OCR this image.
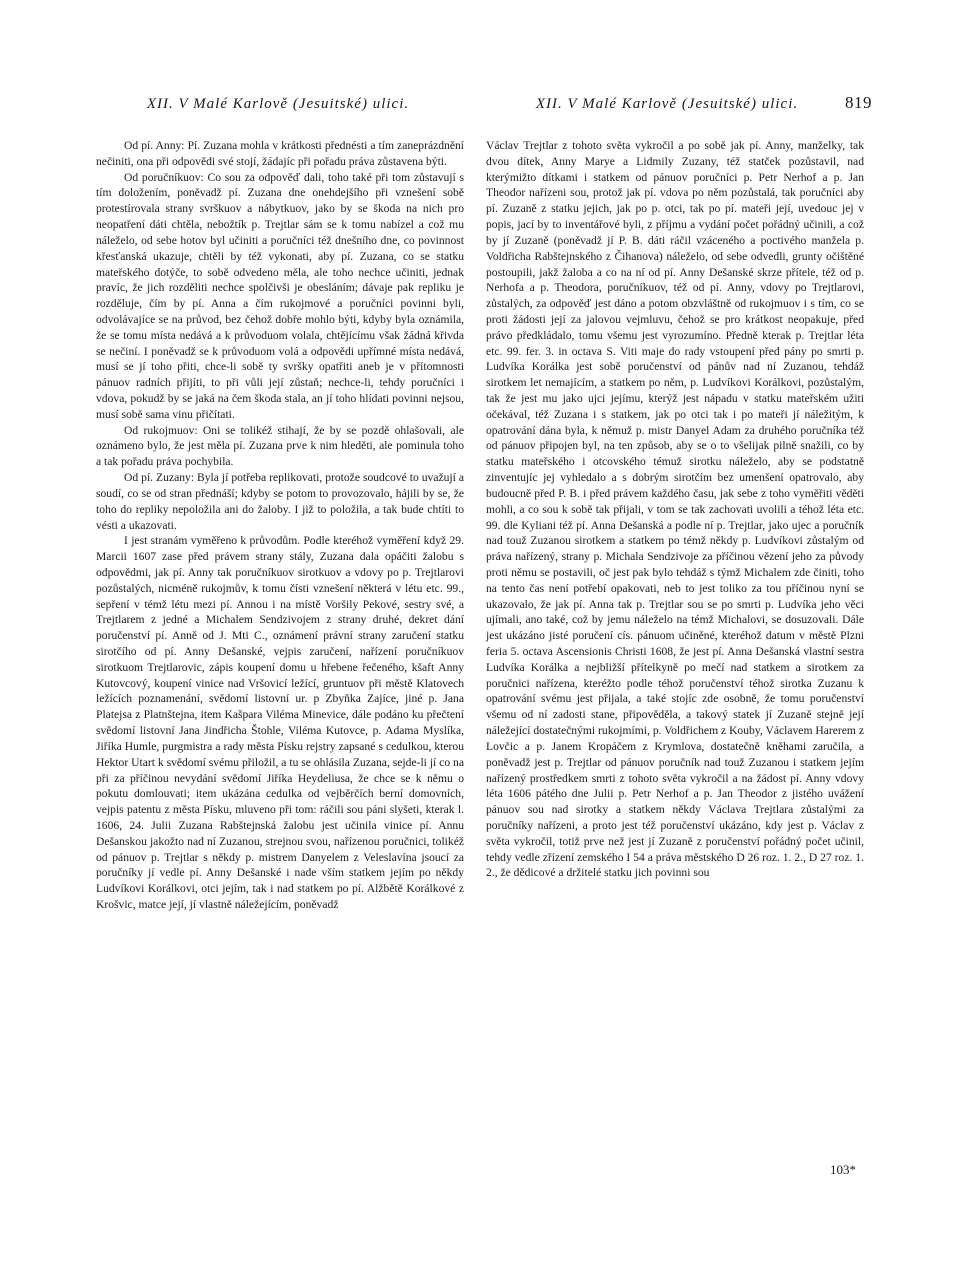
XII. V Malé Karlově (Jesuitské) ulici.	XII. V Malé Karlově (Jesuitské) ulici.	819

Od pí. Anny: Pí. Zuzana mohla v krátkosti přednésti a tím zaneprázdnění nečiniti, ona při odpovědi své stojí, žádajíc při pořadu práva zůstavena býti.

Od poručníkuov: Co sou za odpověď dali, toho také při tom zůstavují s tím doložením, poněvadž pí. Zuzana dne onehdejšího při vznešení sobě protestírovala strany svrškuov a nábytkuov, jako by se škoda na nich pro neopatření dáti chtěla, nebožtík p. Trejtlar sám se k tomu nabízel a což mu náleželo, od sebe hotov byl učiniti a poručníci též dnešního dne, co povinnost křesťanská ukazuje, chtěli by též vykonati, aby pí. Zuzana, co se statku mateřského dotýče, to sobě odvedeno měla, ale toho nechce učiniti, jednak pravíc, že jich rozděliti nechce spolčivši je obesláním; dávaje pak repliku je rozděluje, čím by pí. Anna a čím rukojmové a poručníci povinni byli, odvolávajíce se na průvod, bez čehož dobře mohlo býti, kdyby byla oznámila, že se tomu místa nedává a k průvoduom volala, chtějícímu však žádná křivda se nečiní. I poněvadž se k průvoduom volá a odpovědi upřímné místa nedává, musí se jí toho přiti, chce-li sobě ty svršky opatřiti aneb je v přítomnosti pánuov radních přijíti, to při vůli její zůstaň; nechce-li, tehdy poručníci i vdova, pokudž by se jaká na čem škoda stala, an jí toho hlídati povinni nejsou, musí sobě sama vinu přičítati.

Od rukojmuov: Oni se tolikéž stihají, že by se pozdě ohlašovali, ale oznámeno bylo, že jest měla pí. Zuzana prve k nim hleděti, ale pominula toho a tak pořadu práva pochybila.

Od pí. Zuzany: Byla jí potřeba replikovati, protože soudcové to uvažují a soudí, co se od stran přednáší; kdyby se potom to provozovalo, hájili by se, že toho do repliky nepoložila ani do žaloby. I již to položila, a tak bude chtíti to vésti a ukazovati.

I jest stranám vyměřeno k průvodům. Podle kteréhož vyměření když 29. Marcii 1607 zase před právem strany stály, Zuzana dala opáčiti žalobu s odpovědmi, jak pí. Anny tak poručníkuov sirotkuov a vdovy po p. Trejtlarovi pozůstalých, nicméně rukojmův, k tomu čísti vznešení některá v létu etc. 99., sepření v témž létu mezi pí. Annou i na místě Voršily Pekové, sestry své, a Trejtlarem z jedné a Michalem Sendzivojem z strany druhé, dekret dání poručenství pí. Anně od J. Mti C., oznámení právní strany zaručení statku sirotčího od pí. Anny Dešanské, vejpis zaručení, nařízení poručníkuov sirotkuom Trejtlarovic, zápis koupení domu u hřebene řečeného, kšaft Anny Kutovcový, koupení vinice nad Vršovicí ležící, gruntuov při městě Klatovech ležících poznamenání, svědomí listovní ur. p Zbyňka Zajíce, jiné p. Jana Platejsa z Platnštejna, item Kašpara Viléma Minevice, dále podáno ku přečtení svědomí listovní Jana Jindřicha Štohle, Viléma Kutovce, p. Adama Myslíka, Jiříka Humle, purgmistra a rady města Písku rejstry zapsané s cedulkou, kterou Hektor Utart k svědomí svému přiložil, a tu se ohlásila Zuzana, sejde-li jí co na při za příčinou nevydání svědomí Jiříka Heydeliusa, že chce se k němu o pokutu domlouvati; item ukázána cedulka od vejběrčích berní domovních, vejpis patentu z města Písku, mluveno při tom: ráčili sou páni slyšeti, kterak l. 1606, 24. Julii Zuzana Rabštejnská žalobu jest učinila vinice pí. Annu Dešanskou jakožto nad ní Zuzanou, strejnou svou, nařízenou poručnici, tolikéž od pánuov p. Trejtlar s někdy p. mistrem Danyelem z Veleslavína jsoucí za poručníky jí vedle pí. Anny Dešanské i nade vším statkem jejím po někdy Ludvíkovi Korálkovi, otci jejím, tak i nad statkem po pí. Alžbětě Korálkové z Krošvic, matce její, jí vlastně náležejícím, poněvadž

Václav Trejtlar z tohoto světa vykročil a po sobě jak pí. Anny, manželky, tak dvou dítek, Anny Marye a Lidmily Zuzany, též statček pozůstavil, nad kterýmižto dítkami i statkem od pánuov poručníci p. Petr Nerhof a p. Jan Theodor nařízeni sou, protož jak pí. vdova po něm pozůstalá, tak poručníci aby pí. Zuzaně z statku jejich, jak po p. otci, tak po pí. mateři její, uvedouc jej v popis, jací by to inventářové byli, z příjmu a vydání počet pořádný učinili, a což by jí Zuzaně (poněvadž jí P. B. dáti ráčil vzáceného a poctivého manžela p. Voldřicha Rabštejnského z Čihanova) náleželo, od sebe odvedli, grunty očištěné postoupili, jakž žaloba a co na ní od pí. Anny Dešanské skrze přítele, též od p. Nerhofa a p. Theodora, poručníkuov, též od pí. Anny, vdovy po Trejtlarovi, zůstalých, za odpověď jest dáno a potom obzvláštně od rukojmuov i s tím, co se proti žádosti její za jalovou vejmluvu, čehož se pro krátkost neopakuje, před právo předkládalo, tomu všemu jest vyrozumíno. Předně kterak p. Trejtlar léta etc. 99. fer. 3. in octava S. Viti maje do rady vstoupení před pány po smrti p. Ludvíka Korálka jest sobě poručenství od pánův nad ní Zuzanou, tehdáž sirotkem let nemajícím, a statkem po něm, p. Ludvíkovi Korálkovi, pozůstalým, tak že jest mu jako ujci jejímu, kterýž jest nápadu v statku mateřském užiti očekával, též Zuzana i s statkem, jak po otci tak i po mateři jí náležitým, k opatrování dána byla, k němuž p. mistr Danyel Adam za druhého poručníka též od pánuov připojen byl, na ten způsob, aby se o to všelijak pilně snažili, co by statku mateřského i otcovského témuž sirotku náleželo, aby se podstatně zinventujíc jej vyhledalo a s dobrým sirotčím bez umenšení opatrovalo, aby budoucně před P. B. i před právem každého času, jak sebe z toho vyměřiti věděti mohli, a co sou k sobě tak přijali, v tom se tak zachovati uvolili a téhož léta etc. 99. dle Kyliani též pí. Anna Dešanská a podle ní p. Trejtlar, jako ujec a poručník nad touž Zuzanou sirotkem a statkem po témž někdy p. Ludvíkovi zůstalým od práva nařízený, strany p. Michala Sendzivoje za příčinou vězení jeho za původy proti němu se postavili, oč jest pak bylo tehdáž s týmž Michalem zde činiti, toho na tento čas není potřebí opakovati, neb to jest toliko za tou příčinou nyní se ukazovalo, že jak pí. Anna tak p. Trejtlar sou se po smrti p. Ludvíka jeho věci ujímali, ano také, což by jemu náleželo na témž Michalovi, se dosuzovali. Dále jest ukázáno jisté poručení cís. pánuom učiněné, kteréhož datum v městě Plzni feria 5. octava Ascensionis Christi 1608, že jest pí. Anna Dešanská vlastní sestra Ludvíka Korálka a nejbližší přítelkyně po mečí nad statkem a sirotkem za poručnici nařízena, kteréžto podle téhož poručenství téhož sirotka Zuzanu k opatrování svému jest přijala, a také stojíc zde osobně, že tomu poručenství všemu od ní zadosti stane, připověděla, a takový statek jí Zuzaně stejně její náležející dostatečnými rukojmími, p. Voldřichem z Kouby, Václavem Harerem z Lovčic a p. Janem Kropáčem z Krymlova, dostatečně kněhami zaručila, a poněvadž jest p. Trejtlar od pánuov poručník nad touž Zuzanou i statkem jejím nařízený prostředkem smrti z tohoto světa vykročil a na žádost pí. Anny vdovy léta 1606 pátého dne Julii p. Petr Nerhof a p. Jan Theodor z jistého uvážení pánuov sou nad sirotky a statkem někdy Václava Trejtlara zůstalými za poručníky nařízeni, a proto jest též poručenství ukázáno, kdy jest p. Václav z světa vykročil, totiž prve než jest jí Zuzaně z poručenství pořádný počet učinil, tehdy vedle zřízení zemského I 54 a práva městského D 26 roz. 1. 2., D 27 roz. 1. 2., že dědicové a držitelé statku jich povinni sou

103*
